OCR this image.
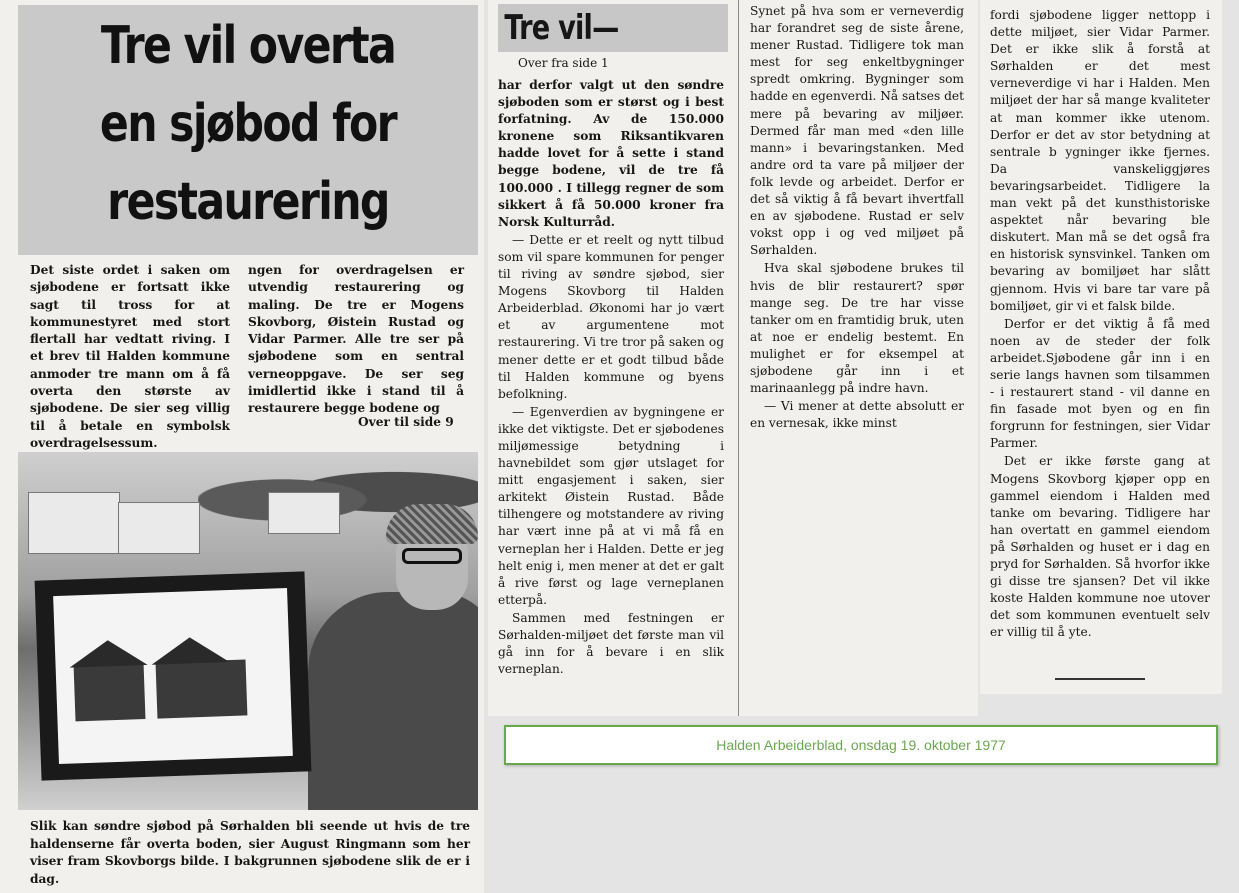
Tre vil overta
en sjøbod for
restaurering
Det siste ordet i saken om sjøbodene er fortsatt ikke sagt til tross for at kommunestyret med stort flertall har vedtatt riving. I et brev til Halden kommune anmoder tre mann om å få overta den største av sjøbodene. De sier seg villig til å betale en symbolsk overdragelsessum.
ngen for overdragelsen er utvendig restaurering og maling. De tre er Mogens Skovborg, Øistein Rustad og Vidar Parmer. Alle tre ser på sjøbodene som en sentral verneoppgave. De ser seg imidlertid ikke i stand til å restaurere begge bodene og
Over til side 9
Slik kan søndre sjøbod på Sørhalden bli seende ut hvis de tre haldenserne får overta boden, sier August Ringmann som her viser fram Skovborgs bilde. I bakgrunnen sjøbodene slik de er i dag.
Tre vil—
Over fra side 1

har derfor valgt ut den søndre sjøboden som er størst og i best forfatning. Av de 150.000 kronene som Riksantikvaren hadde lovet for å sette i stand begge bodene, vil de tre få 100.000 . I tillegg regner de som sikkert å få 50.000 kroner fra Norsk Kulturråd.

— Dette er et reelt og nytt tilbud som vil spare kommunen for penger til riving av søndre sjøbod, sier Mogens Skovborg til Halden Arbeiderblad. Økonomi har jo vært et av argumentene mot restaurering. Vi tre tror på saken og mener dette er et godt tilbud både til Halden kommune og byens befolkning.

— Egenverdien av bygningene er ikke det viktigste. Det er sjøbodenes miljømessige betydning i havnebildet som gjør utslaget for mitt engasjement i saken, sier arkitekt Øistein Rustad. Både tilhengere og motstandere av riving har vært inne på at vi må få en verneplan her i Halden. Dette er jeg helt enig i, men mener at det er galt å rive først og lage verneplanen etterpå.

Sammen med festningen er Sørhalden-miljøet det første man vil gå inn for å bevare i en slik verneplan.

Synet på hva som er verneverdig har forandret seg de siste årene, mener Rustad. Tidligere tok man mest for seg enkeltbygninger spredt omkring. Bygninger som hadde en egenverdi. Nå satses det mere på bevaring av miljøer. Dermed får man med «den lille mann» i bevaringstanken. Med andre ord ta vare på miljøer der folk levde og arbeidet. Derfor er det så viktig å få bevart ihvertfall en av sjøbodene. Rustad er selv vokst opp i og ved miljøet på Sørhalden.

Hva skal sjøbodene brukes til hvis de blir restaurert? spør mange seg. De tre har visse tanker om en framtidig bruk, uten at noe er endelig bestemt. En mulighet er for eksempel at sjøbodene går inn i et marinaanlegg på indre havn.

— Vi mener at dette absolutt er en vernesak, ikke minst

fordi sjøbodene ligger nettopp i dette miljøet, sier Vidar Parmer. Det er ikke slik å forstå at Sørhalden er det mest verneverdige vi har i Halden. Men miljøet der har så mange kvaliteter at man kommer ikke utenom. Derfor er det av stor betydning at sentrale b ygninger ikke fjernes. Da vanskeliggjøres bevaringsarbeidet. Tidligere la man vekt på det kunsthistoriske aspektet når bevaring ble diskutert. Man må se det også fra en historisk synsvinkel. Tanken om bevaring av bomiljøet har slått gjennom. Hvis vi bare tar vare på bomiljøet, gir vi et falsk bilde.

Derfor er det viktig å få med noen av de steder der folk arbeidet.Sjøbodene går inn i en serie langs havnen som tilsammen - i restaurert stand - vil danne en fin fasade mot byen og en fin forgrunn for festningen, sier Vidar Parmer.

Det er ikke første gang at Mogens Skovborg kjøper opp en gammel eiendom i Halden med tanke om bevaring. Tidligere har han overtatt en gammel eiendom på Sørhalden og huset er i dag en pryd for Sørhalden. Så hvorfor ikke gi disse tre sjansen? Det vil ikke koste Halden kommune noe utover det som kommunen eventuelt selv er villig til å yte.

Halden Arbeiderblad, onsdag 19. oktober 1977
